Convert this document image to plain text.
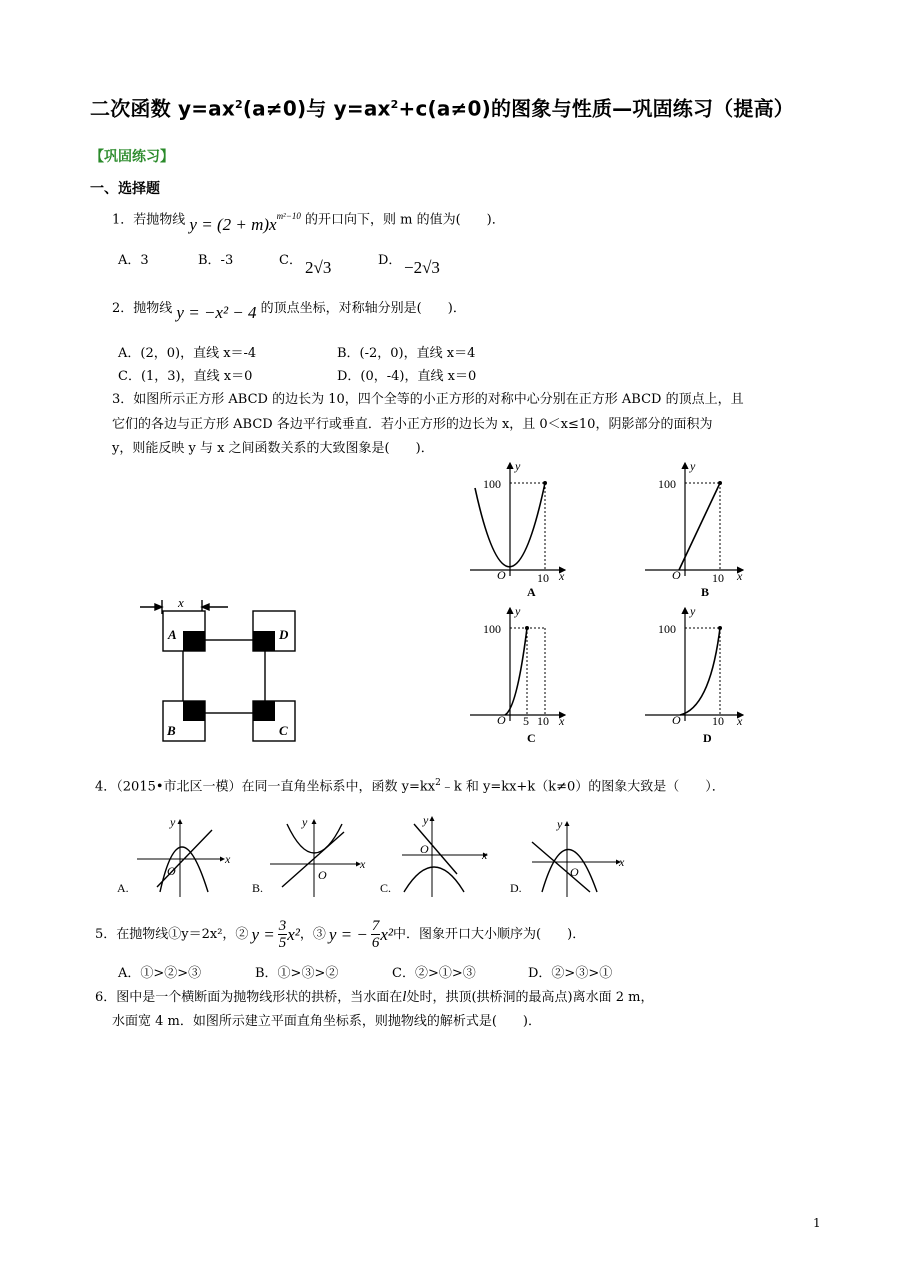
二次函数 $y=ax^2(a\ne 0)$与 $y=ax^2+c(a\ne 0)$的图象与性质—巩固练习（提高）
【巩固练习】
一、选择题
1．若抛物线 $y = (2 + m)x^{m^2-10}$ 的开口向下，则 m 的值为(　　)．
A．3	B．-3	C． 2√3	D． −2√3
2．抛物线 y = −x² − 4 的顶点坐标，对称轴分别是(　　)．
A．(2，0)，直线 x＝-4	B．(-2，0)，直线 x＝4
C．(1，3)，直线 x＝0	D．(0，-4)，直线 x＝0
3．如图所示正方形 ABCD 的边长为 10，四个全等的小正方形的对称中心分别在正方形 ABCD 的顶点上，且
它们的各边与正方形 ABCD 各边平行或垂直．若小正方形的边长为 x，且 0＜x≤10，阴影部分的面积为
y，则能反映 y 与 x 之间函数关系的大致图象是(　　)．
x
A	D
B	C
100
y
O	10 x
A
100
y
O	10 x
B
100
y
O 5 10 x
C
100
y
O	10 x
D
4．（2015•市北区一模）在同一直角坐标系中，函数 $y=kx^2﹣k$ 和 y=kx+k（k≠0）的图象大致是（　　）．
y
x
O
A.
y
x
O
B.
y
x
O
C.
y
x
O
D.
5．在抛物线①y＝2x²，② $y = \frac{3}{5} x^2$ ，③ y = − $\frac{7}{6} x^2$ 中．图象开口大小顺序为(　　)．
A．①>②>③	B．①>③>②	C．②>①>③	D．②>③>①
6．图中是一个横断面为抛物线形状的拱桥，当水面在l处时，拱顶(拱桥洞的最高点)离水面 2 m，
水面宽 4 m．如图所示建立平面直角坐标系，则抛物线的解析式是(　　)．
1
